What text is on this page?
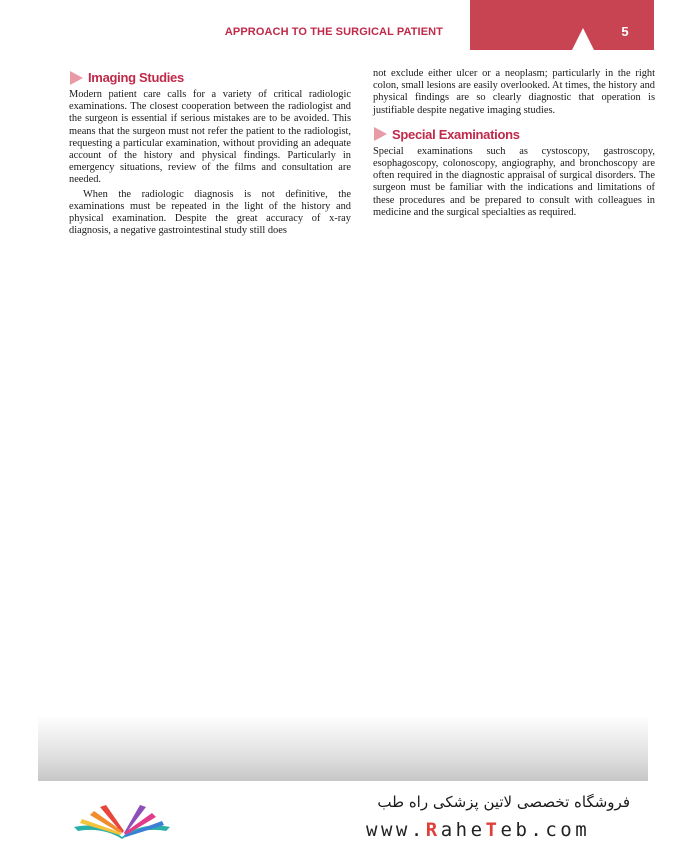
APPROACH TO THE SURGICAL PATIENT	5
Imaging Studies

Modern patient care calls for a variety of critical radiologic examinations. The closest cooperation between the radiologist and the surgeon is essential if serious mistakes are to be avoided. This means that the surgeon must not refer the patient to the radiologist, requesting a particular examination, without providing an adequate account of the history and physical findings. Particularly in emergency situations, review of the films and consultation are needed.

When the radiologic diagnosis is not definitive, the examinations must be repeated in the light of the history and physical examination. Despite the great accuracy of x-ray diagnosis, a negative gastrointestinal study still does

not exclude either ulcer or a neoplasm; particularly in the right colon, small lesions are easily overlooked. At times, the history and physical findings are so clearly diagnostic that operation is justifiable despite negative imaging studies.

Special Examinations

Special examinations such as cystoscopy, gastroscopy, esophagoscopy, colonoscopy, angiography, and bronchoscopy are often required in the diagnostic appraisal of surgical disorders. The surgeon must be familiar with the indications and limitations of these procedures and be prepared to consult with colleagues in medicine and the surgical specialties as required.

فروشگاه تخصصی لاتین پزشکی راه طب
www.RaheTeb.com
